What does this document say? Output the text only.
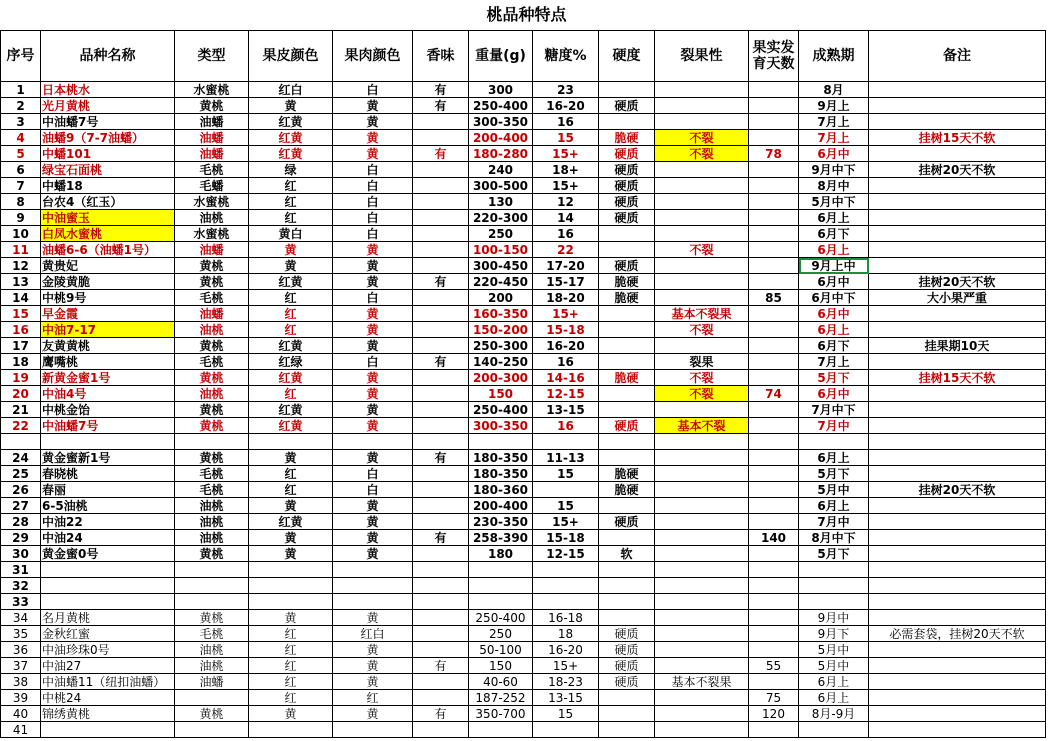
桃品种特点
序号	品种名称	类型	果皮颜色	果肉颜色	香味	重量(g)	糖度%	硬度	裂果性	果实发育天数	成熟期	备注
1	日本桃水	水蜜桃	红白	白	有	300	23				8月	
2	光月黄桃	黄桃	黄	黄	有	250-400	16-20	硬质			9月上	
3	中油蟠7号	油蟠	红黄	黄		300-350	16				7月上	
4	油蟠9（7-7油蟠）	油蟠	红黄	黄		200-400	15	脆硬	不裂		7月上	挂树15天不软
5	中蟠101	油蟠	红黄	黄	有	180-280	15+	硬质	不裂	78	6月中	
6	绿宝石面桃	毛桃	绿	白		240	18+	硬质			9月中下	挂树20天不软
7	中蟠18	毛蟠	红	白		300-500	15+	硬质			8月中	
8	台农4（红玉）	水蜜桃	红	白		130	12	硬质			5月中下	
9	中油蜜玉	油桃	红	白		220-300	14	硬质			6月上	
10	白凤水蜜桃	水蜜桃	黄白	白		250	16				6月下	
11	油蟠6-6（油蟠1号）	油蟠	黄	黄		100-150	22		不裂		6月上	
12	黄贵妃	黄桃	黄	黄		300-450	17-20	硬质			9月上中	
13	金陵黄脆	黄桃	红黄	黄	有	220-450	15-17	脆硬			6月中	挂树20天不软
14	中桃9号	毛桃	红	白		200	18-20	脆硬		85	6月中下	大小果严重
15	早金霞	油蟠	红	黄		160-350	15+		基本不裂果		6月中	
16	中油7-17	油桃	红	黄		150-200	15-18		不裂		6月上	
17	友黄黄桃	黄桃	红黄	黄		250-300	16-20				6月下	挂果期10天
18	鹰嘴桃	毛桃	红绿	白	有	140-250	16		裂果		7月上	
19	新黄金蜜1号	黄桃	红黄	黄		200-300	14-16	脆硬	不裂		5月下	挂树15天不软
20	中油4号	油桃	红	黄		150	12-15		不裂	74	6月中	
21	中桃金饴	黄桃	红黄	黄		250-400	13-15				7月中下	
22	中油蟠7号	黄桃	红黄	黄		300-350	16	硬质	基本不裂		7月中	

24	黄金蜜新1号	黄桃	黄	黄	有	180-350	11-13				6月上	
25	春晓桃	毛桃	红	白		180-350	15	脆硬			5月下	
26	春丽	毛桃	红	白		180-360		脆硬			5月中	挂树20天不软
27	6-5油桃	油桃	黄	黄		200-400	15				6月上	
28	中油22	油桃	红黄	黄		230-350	15+	硬质			7月中	
29	中油24	油桃	黄	黄	有	258-390	15-18			140	8月中下	
30	黄金蜜0号	黄桃	黄	黄		180	12-15	软			5月下	
31												
32												
33												
34	名月黄桃	黄桃	黄	黄		250-400	16-18				9月中	
35	金秋红蜜	毛桃	红	红白		250	18	硬质			9月下	必需套袋，挂树20天不软
36	中油珍珠0号	油桃	红	黄		50-100	16-20	硬质			5月中	
37	中油27	油桃	红	黄	有	150	15+	硬质		55	5月中	
38	中油蟠11（纽扣油蟠）	油蟠	红	黄		40-60	18-23	硬质	基本不裂果		6月上	
39	中桃24		红	红		187-252	13-15			75	6月上	
40	锦绣黄桃	黄桃	黄	黄	有	350-700	15			120	8月-9月	
41												
